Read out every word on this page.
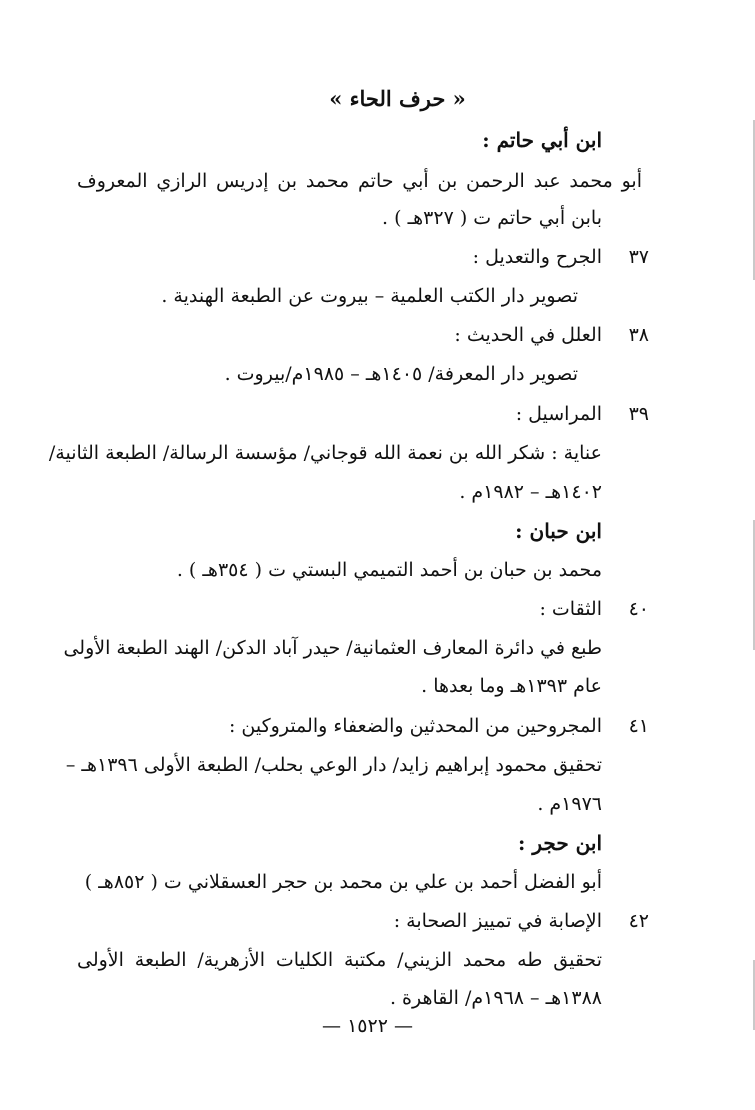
« حرف الحاء »
ابن أبي حاتم :
أبو محمد عبد الرحمن بن أبي حاتم محمد بن إدريس الرازي المعروف
بابن أبي حاتم ت ( ٣٢٧هـ ) .
٣٧
الجرح والتعديل :
تصوير دار الكتب العلمية – بيروت عن الطبعة الهندية .
٣٨
العلل في الحديث :
تصوير دار المعرفة/ ١٤٠٥هـ – ١٩٨٥م/بيروت .
٣٩
المراسيل :
عناية : شكر الله بن نعمة الله قوجاني/ مؤسسة الرسالة/ الطبعة الثانية/
١٤٠٢هـ – ١٩٨٢م .
ابن حبان :
محمد بن حبان بن أحمد التميمي البستي ت ( ٣٥٤هـ ) .
٤٠
الثقات :
طبع في دائرة المعارف العثمانية/ حيدر آباد الدكن/ الهند الطبعة الأولى
عام ١٣٩٣هـ وما بعدها .
٤١
المجروحين من المحدثين والضعفاء والمتروكين :
تحقيق محمود إبراهيم زايد/ دار الوعي بحلب/ الطبعة الأولى ١٣٩٦هـ –
١٩٧٦م .
ابن حجر :
أبو الفضل أحمد بن علي بن محمد بن حجر العسقلاني ت ( ٨٥٢هـ )
٤٢
الإصابة في تمييز الصحابة :
تحقيق طه محمد الزيني/ مكتبة الكليات الأزهرية/ الطبعة الأولى
١٣٨٨هـ – ١٩٦٨م/ القاهرة .
— ١٥٢٢ —
